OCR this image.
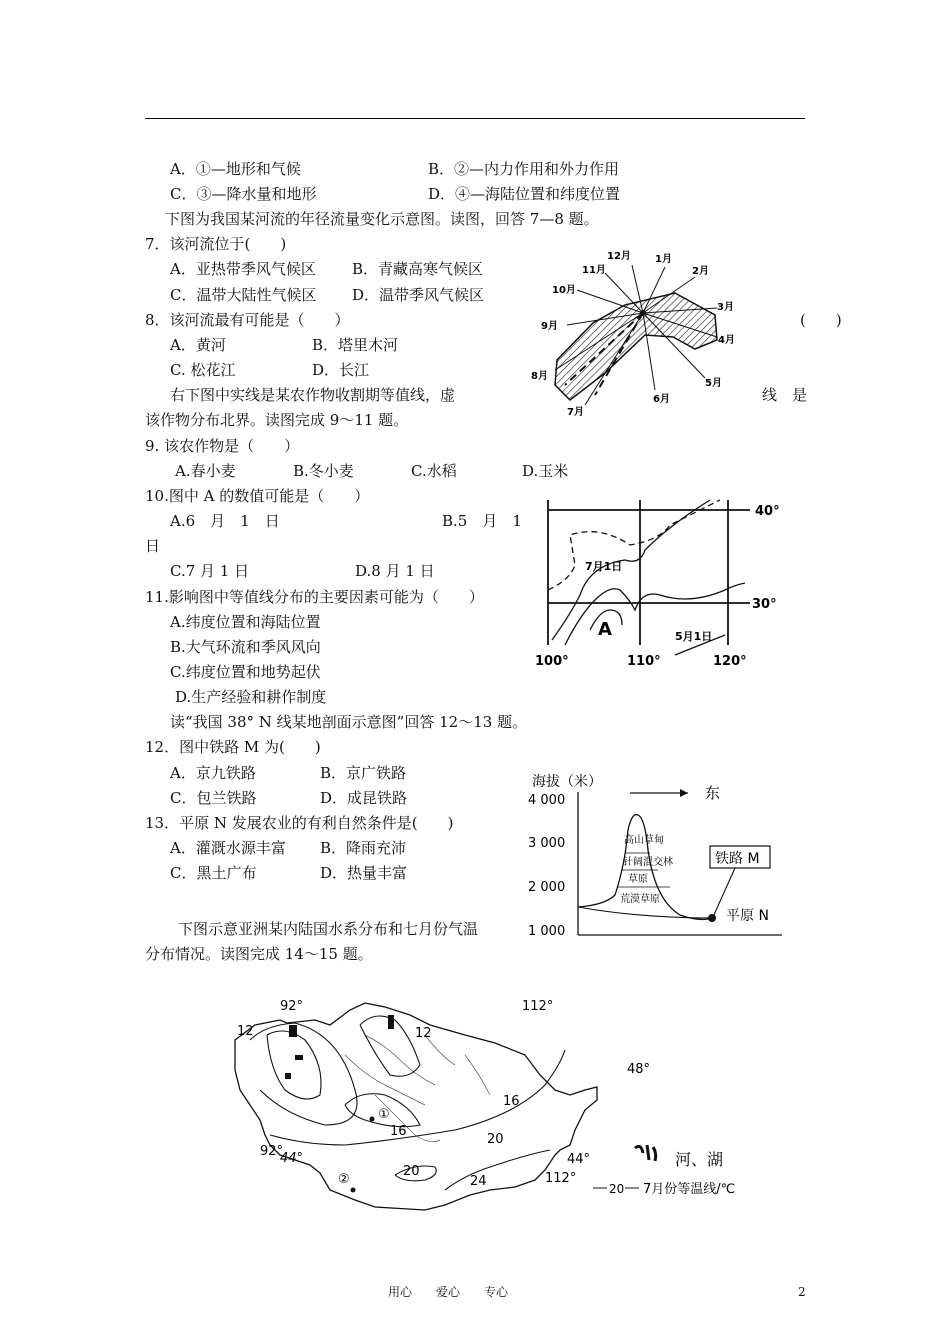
A．①—地形和气候	B．②—内力作用和外力作用
C．③—降水量和地形	D．④—海陆位置和纬度位置
下图为我国某河流的年径流量变化示意图。读图，回答 7—8 题。
7．该河流位于(　　)
A．亚热带季风气候区 B．青藏高寒气候区
C．温带大陆性气候区 D．温带季风气候区
8．该河流最有可能是（　　）	(　　)
A．黄河	B．塔里木河
C. 松花江	D．长江
右下图中实线是某农作物收割期等值线，虚	线　是
该作物分布北界。读图完成 9～11 题。
9. 该农作物是（　　）
A.春小麦	B.冬小麦	C.水稻	D.玉米
10.图中 A 的数值可能是（　　）
A.6　月　1　日	B.5　月　1
日
C.7 月 1 日	D.8 月 1 日
11.影响图中等值线分布的主要因素可能为（　　）
A.纬度位置和海陆位置
B.大气环流和季风风向
C.纬度位置和地势起伏
D.生产经验和耕作制度
读“我国 38° N 线某地剖面示意图”回答 12～13 题。
12．图中铁路 M 为(　　)
A．京九铁路	B．京广铁路
C．包兰铁路	D．成昆铁路
13．平原 N 发展农业的有利自然条件是(　　)
A．灌溉水源丰富 B．降雨充沛
C．黑土广布	D．热量丰富
下图示意亚洲某内陆国水系分布和七月份气温
分布情况。读图完成 14～15 题。
12月 1月
2月
3月
4月
5月
6月
7月
8月
9月
10月
11月
40°
30°
100°	110°	120°
7月1日
5月1日
A
海拔（米）
4 000
3 000
2 000
1 000
东
高山草甸
针阔混交林
草原
荒漠草原
铁路 M
平原 N
92°	112°
48°
92°
44°	44°
112°
12	12
16
16
20
20
24
①
②
河、湖
20 7月份等温线/℃
用心　　爱心　　专心	2
